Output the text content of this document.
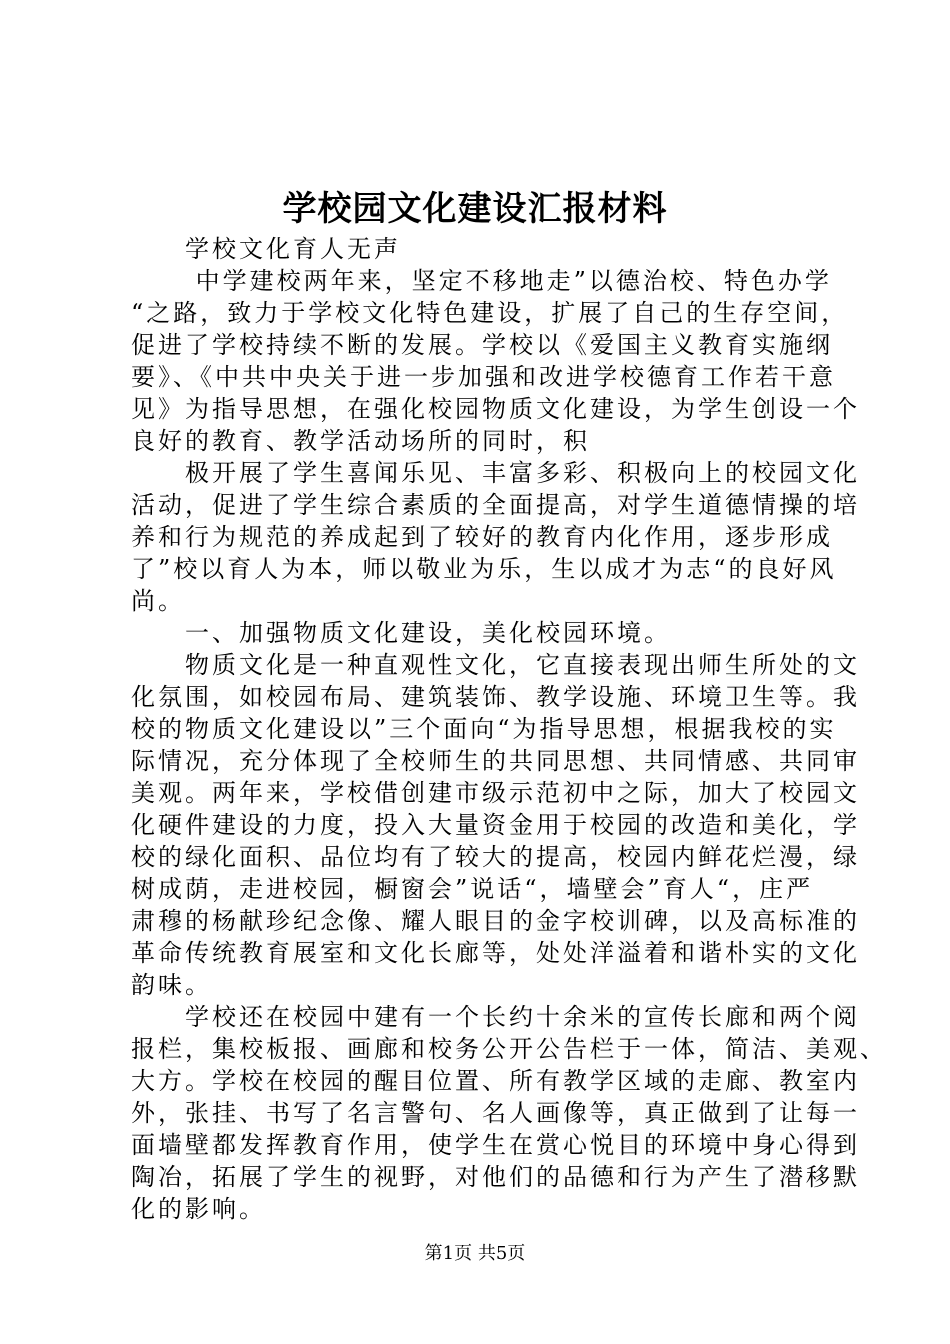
学校园文化建设汇报材料
　　学校文化育人无声
　　 中学建校两年来，坚定不移地走”以德治校、特色办学
“之路，致力于学校文化特色建设，扩展了自己的生存空间，
促进了学校持续不断的发展。学校以《爱国主义教育实施纲
要》、《中共中央关于进一步加强和改进学校德育工作若干意
见》为指导思想，在强化校园物质文化建设，为学生创设一个
良好的教育、教学活动场所的同时，积
　　极开展了学生喜闻乐见、丰富多彩、积极向上的校园文化
活动，促进了学生综合素质的全面提高，对学生道德情操的培
养和行为规范的养成起到了较好的教育内化作用，逐步形成
了”校以育人为本，师以敬业为乐，生以成才为志“的良好风
尚。
　　一、加强物质文化建设，美化校园环境。
　　物质文化是一种直观性文化，它直接表现出师生所处的文
化氛围，如校园布局、建筑装饰、教学设施、环境卫生等。我
校的物质文化建设以”三个面向“为指导思想，根据我校的实
际情况，充分体现了全校师生的共同思想、共同情感、共同审
美观。两年来，学校借创建市级示范初中之际，加大了校园文
化硬件建设的力度，投入大量资金用于校园的改造和美化，学
校的绿化面积、品位均有了较大的提高，校园内鲜花烂漫，绿
树成荫，走进校园，橱窗会”说话“，墙壁会”育人“，庄严
肃穆的杨献珍纪念像、耀人眼目的金字校训碑，以及高标准的
革命传统教育展室和文化长廊等，处处洋溢着和谐朴实的文化
韵味。
　　学校还在校园中建有一个长约十余米的宣传长廊和两个阅
报栏，集校板报、画廊和校务公开公告栏于一体，简洁、美观、
大方。学校在校园的醒目位置、所有教学区域的走廊、教室内
外，张挂、书写了名言警句、名人画像等，真正做到了让每一
面墙壁都发挥教育作用，使学生在赏心悦目的环境中身心得到
陶冶，拓展了学生的视野，对他们的品德和行为产生了潜移默
化的影响。
第1页 共5页
